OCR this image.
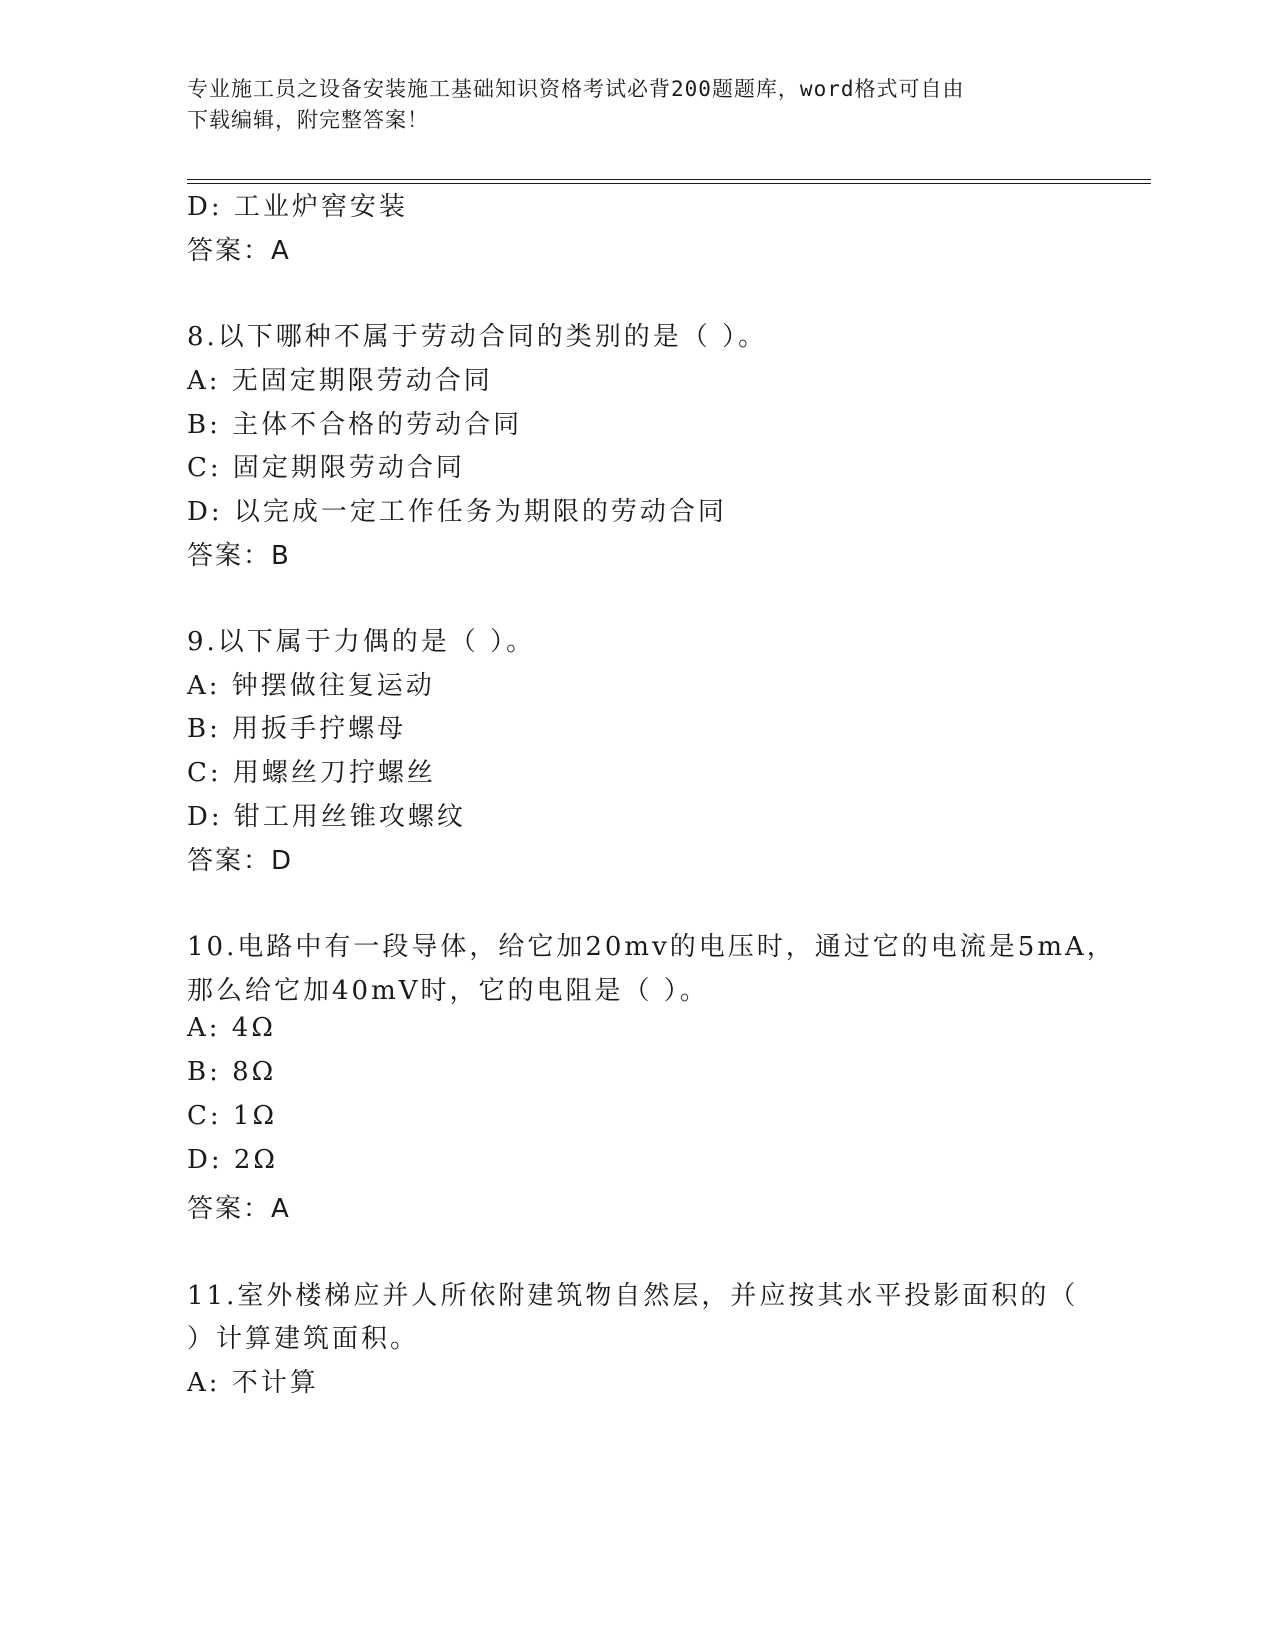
专业施工员之设备安装施工基础知识资格考试必背200题题库，word格式可自由
下载编辑，附完整答案！
D: 工业炉窖安装
答案：A
8.以下哪种不属于劳动合同的类别的是（ ）。
A: 无固定期限劳动合同
B: 主体不合格的劳动合同
C: 固定期限劳动合同
D: 以完成一定工作任务为期限的劳动合同
答案：B
9.以下属于力偶的是（ ）。
A: 钟摆做往复运动
B: 用扳手拧螺母
C: 用螺丝刀拧螺丝
D: 钳工用丝锥攻螺纹
答案：D
10.电路中有一段导体，给它加20mv的电压时，通过它的电流是5mA，
那么给它加40mV时，它的电阻是（ ）。
A: 4Ω
B: 8Ω
C: 1Ω
D: 2Ω
答案：A
11.室外楼梯应并人所依附建筑物自然层，并应按其水平投影面积的（
）计算建筑面积。
A: 不计算
